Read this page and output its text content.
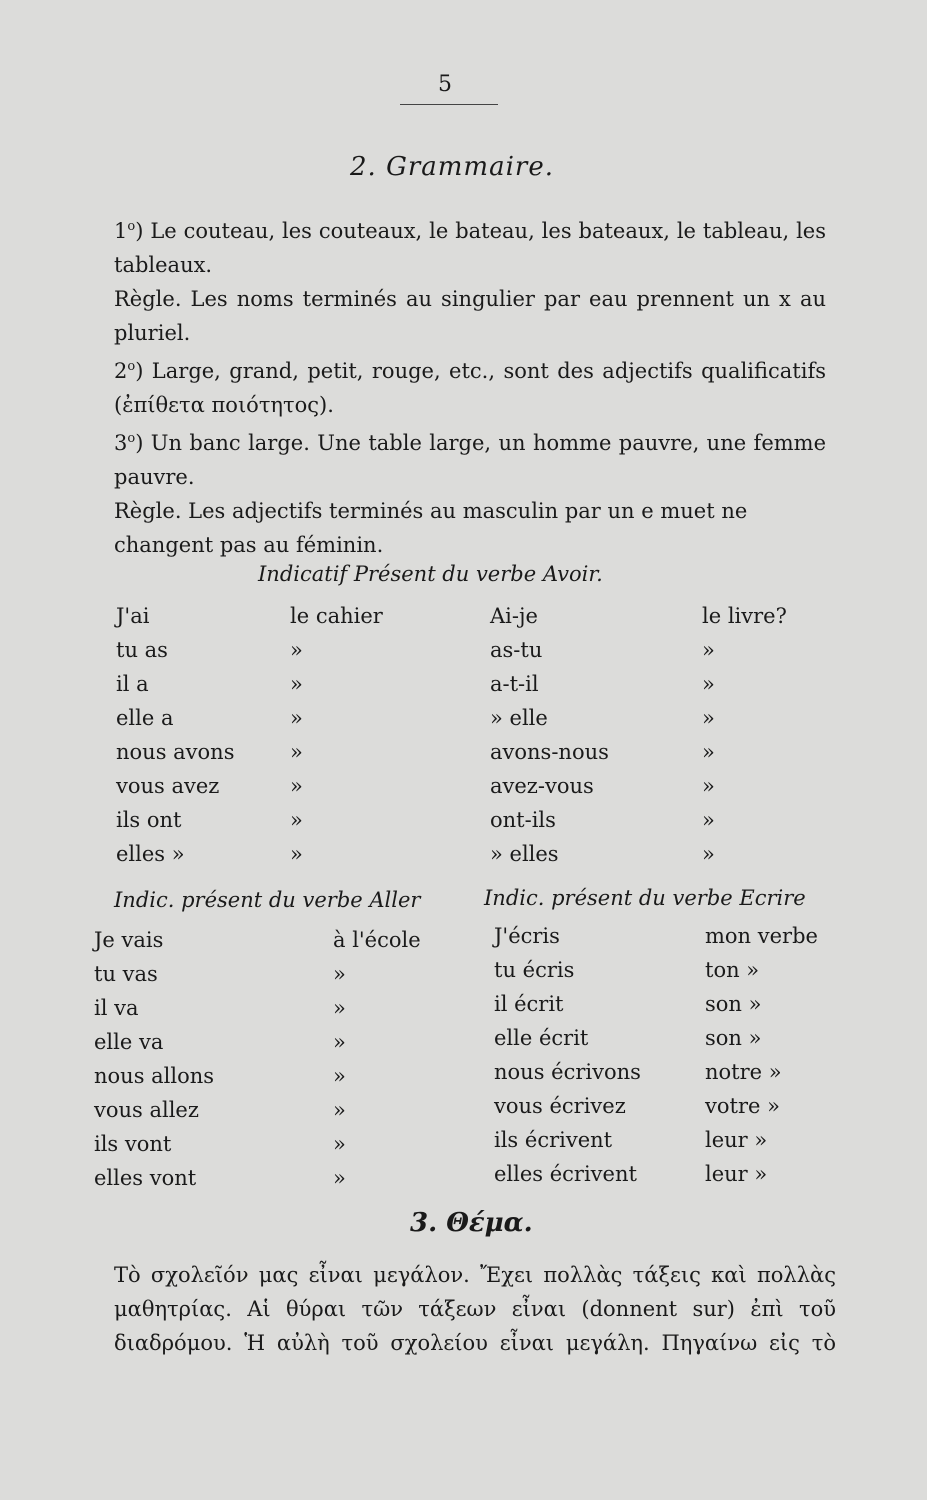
5
2. Grammaire.

1$^o$) Le couteau, les couteaux, le bateau, les bateaux, le tableau, les tableaux.

Règle. Les noms terminés au singulier par eau prennent un x au pluriel.

2$^o$) Large, grand, petit, rouge, etc., sont des adjectifs qualificatifs (ἐπίθετα ποιότητος).

3$^o$) Un banc large. Une table large, un homme pauvre, une femme pauvre.

Règle. Les adjectifs terminés au masculin par un e muet ne changent pas au féminin.

Indicatif Présent du verbe Avoir.
J'ai	le cahier	Ai-je	le livre?
tu as	»	as-tu	»
il a	»	a-t-il	»
elle a	»	» elle	»
nous avons	»	avons-nous	»
vous avez	»	avez-vous	»
ils ont	»	ont-ils	»
elles »	»	» elles	»
Indic. présent du verbe Aller	Indic. présent du verbe Ecrire
Je vais	à l'école
tu vas	»
il va	»
elle va	»
nous allons	»
vous allez	»
ils vont	»
elles vont	»
J'écris	mon verbe
tu écris	ton »
il écrit	son »
elle écrit	son »
nous écrivons	notre »
vous écrivez	votre »
ils écrivent	leur »
elles écrivent	leur »
3. Θέμα.

Τὸ σχολεῖόν μας εἶναι μεγάλον. Ἔχει πολλὰς τάξεις καὶ πολλὰς

μαθητρίας. Αἱ θύραι τῶν τάξεων εἶναι (donnent sur) ἐπὶ τοῦ

διαδρόμου. Ἡ αὐλὴ τοῦ σχολείου εἶναι μεγάλη. Πηγαίνω εἰς τὸ
